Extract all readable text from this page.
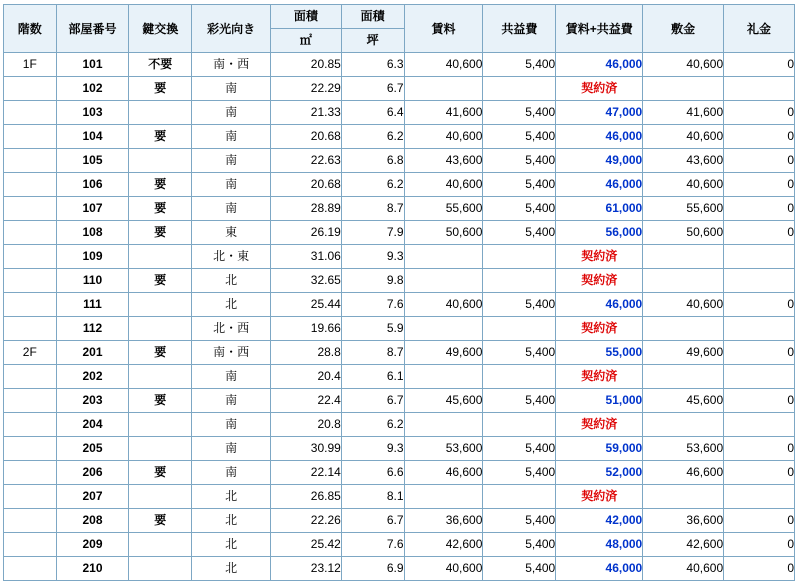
階数	部屋番号	鍵交換	彩光向き	面積	面積	賃料	共益費	賃料+共益費	敷金	礼金
				㎡	坪					
1F	101	不要	南・西	20.85	6.3	40,600	5,400	46,000	40,600	0
	102	要	南	22.29	6.7			契約済		
	103		南	21.33	6.4	41,600	5,400	47,000	41,600	0
	104	要	南	20.68	6.2	40,600	5,400	46,000	40,600	0
	105		南	22.63	6.8	43,600	5,400	49,000	43,600	0
	106	要	南	20.68	6.2	40,600	5,400	46,000	40,600	0
	107	要	南	28.89	8.7	55,600	5,400	61,000	55,600	0
	108	要	東	26.19	7.9	50,600	5,400	56,000	50,600	0
	109		北・東	31.06	9.3			契約済		
	110	要	北	32.65	9.8			契約済		
	111		北	25.44	7.6	40,600	5,400	46,000	40,600	0
	112		北・西	19.66	5.9			契約済		
2F	201	要	南・西	28.8	8.7	49,600	5,400	55,000	49,600	0
	202		南	20.4	6.1			契約済		
	203	要	南	22.4	6.7	45,600	5,400	51,000	45,600	0
	204		南	20.8	6.2			契約済		
	205		南	30.99	9.3	53,600	5,400	59,000	53,600	0
	206	要	南	22.14	6.6	46,600	5,400	52,000	46,600	0
	207		北	26.85	8.1			契約済		
	208	要	北	22.26	6.7	36,600	5,400	42,000	36,600	0
	209		北	25.42	7.6	42,600	5,400	48,000	42,600	0
	210		北	23.12	6.9	40,600	5,400	46,000	40,600	0
